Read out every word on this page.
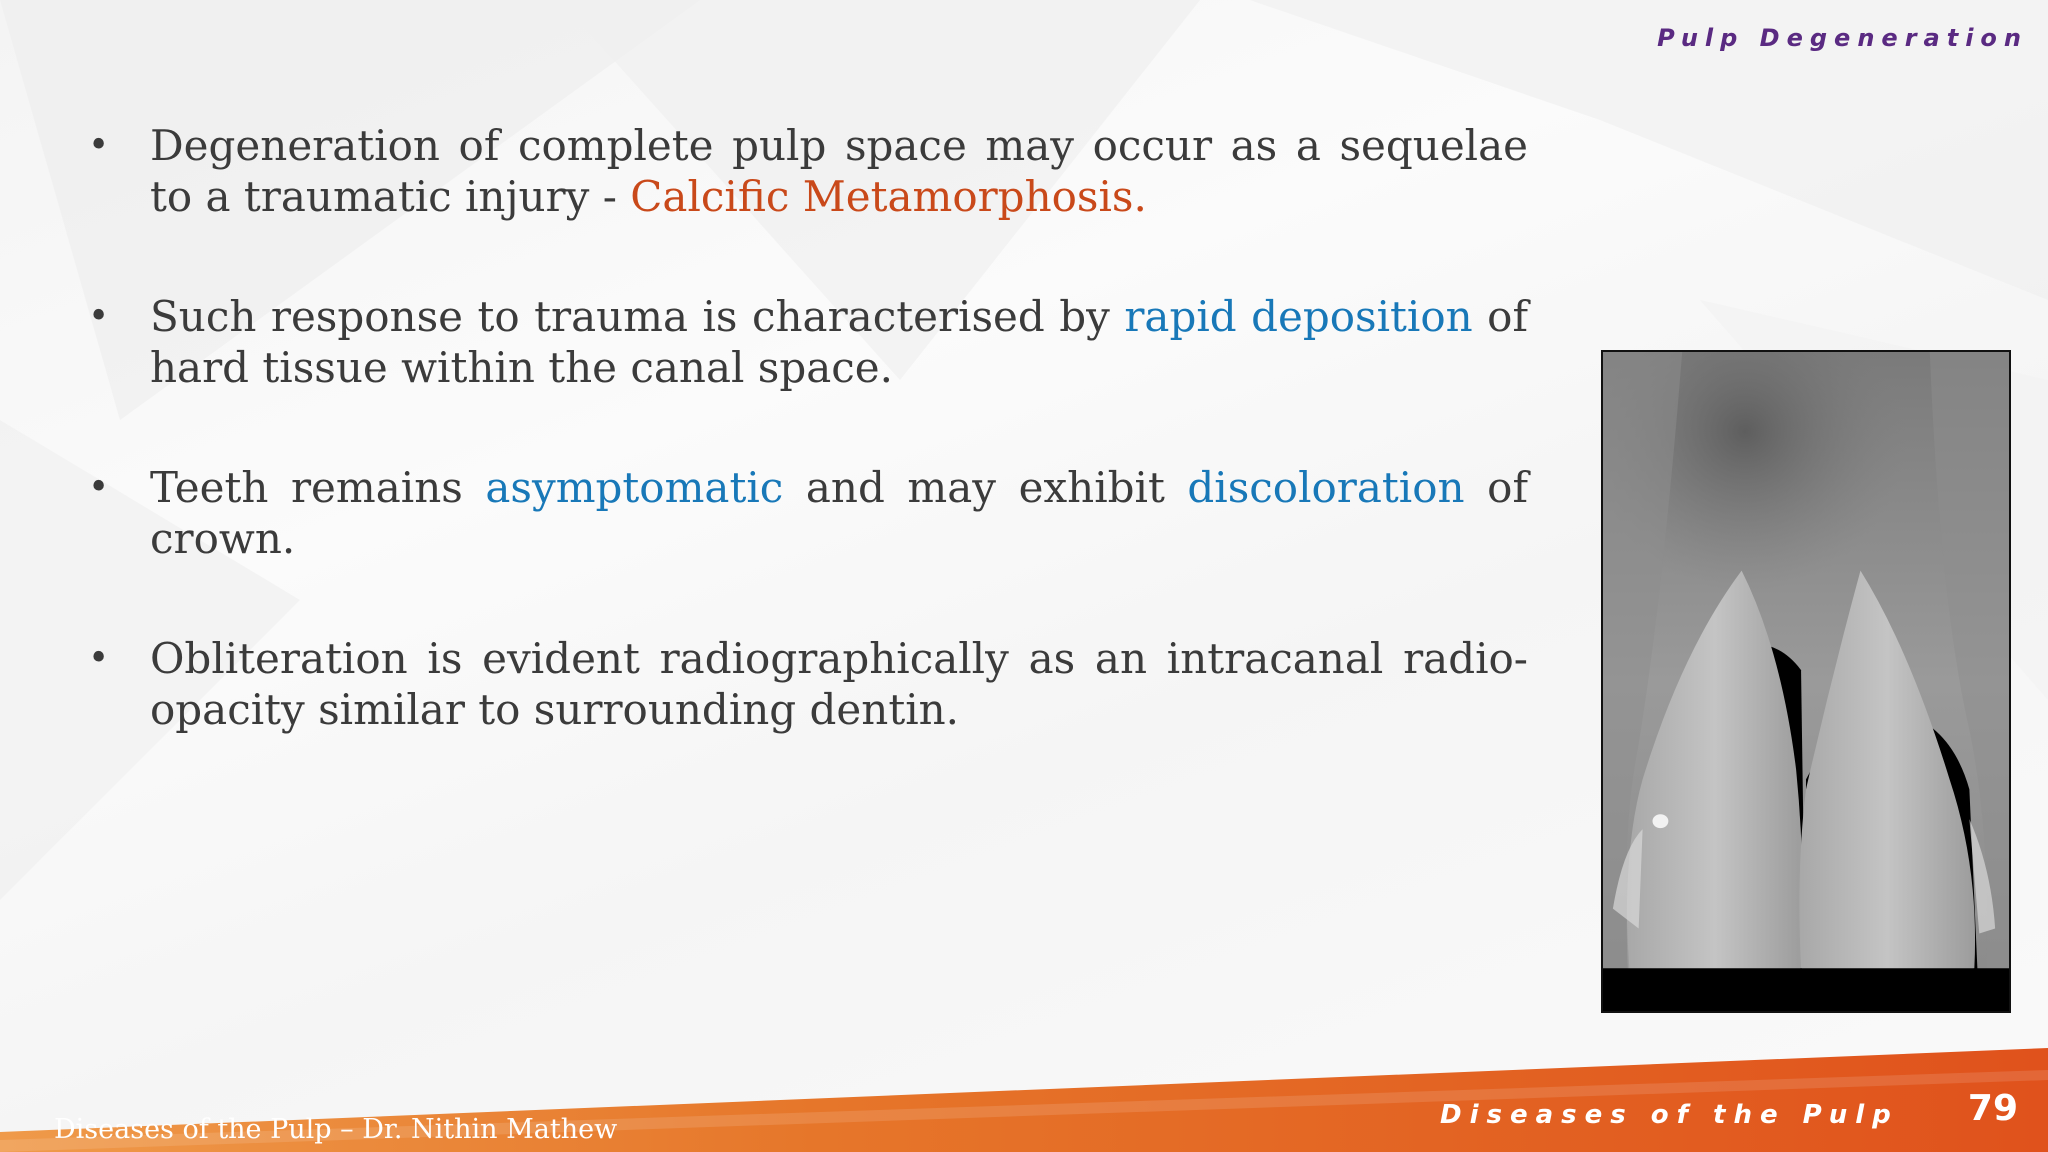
Pulp Degeneration
• Degeneration of complete pulp space may occur as a sequelae to a traumatic injury - Calcific Metamorphosis.
• Such response to trauma is characterised by rapid deposition of hard tissue within the canal space.
• Teeth remains asymptomatic and may exhibit discoloration of crown.
• Obliteration is evident radiographically as an intracanal radio-opacity similar to surrounding dentin.
Diseases of the Pulp – Dr. Nithin Mathew	Diseases of the Pulp 79
